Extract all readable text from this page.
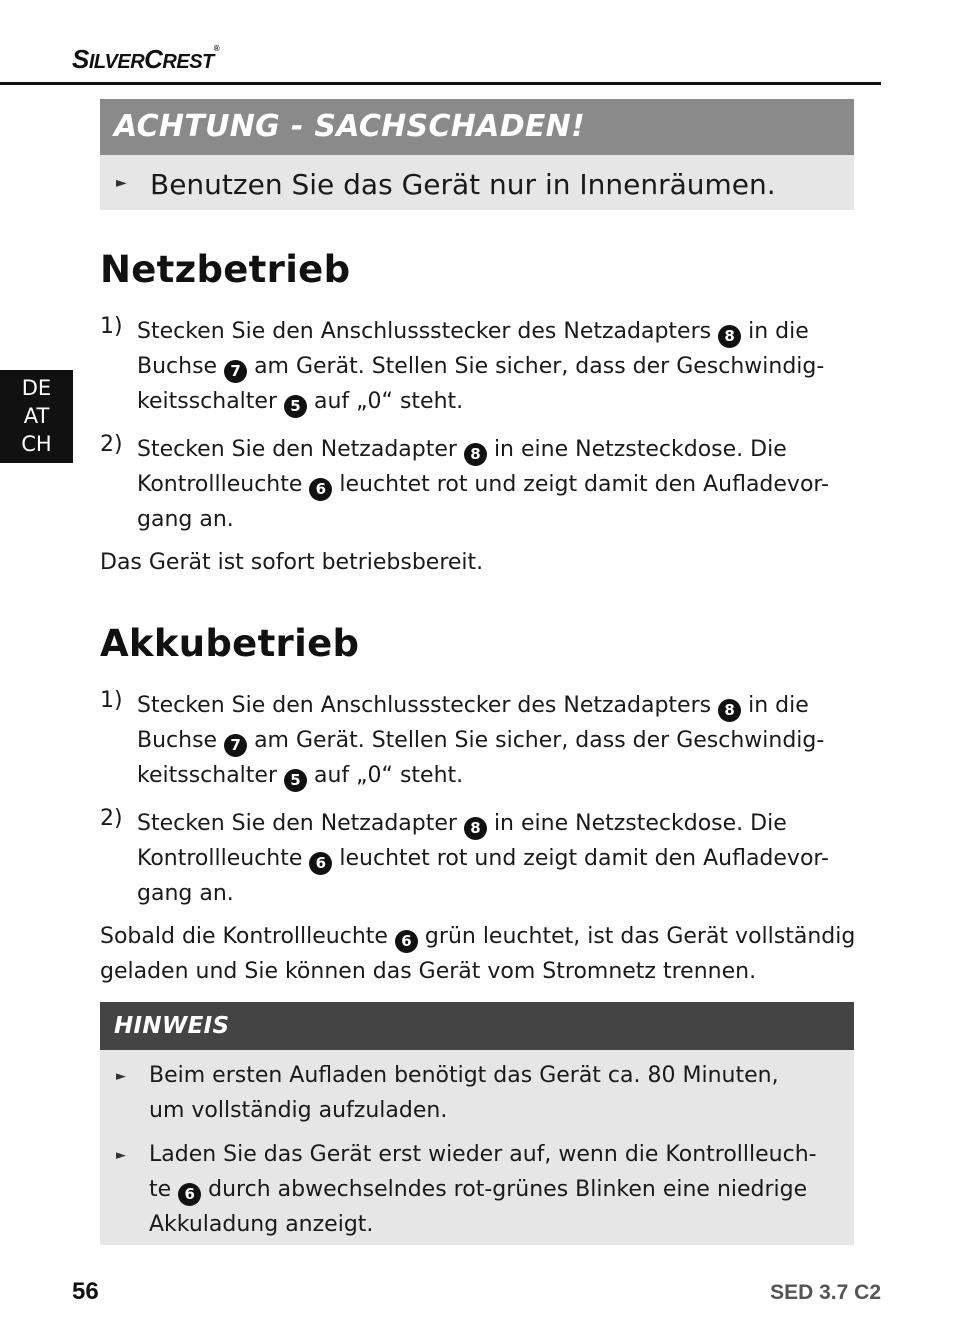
SILVERCREST®
DE
AT
CH
ACHTUNG - SACHSCHADEN!
► Benutzen Sie das Gerät nur in Innenräumen.
Netzbetrieb
1) Stecken Sie den Anschlussstecker des Netzadapters 8 in die
Buchse 7 am Gerät. Stellen Sie sicher, dass der Geschwindig-
keitsschalter 5 auf „0“ steht.
2) Stecken Sie den Netzadapter 8 in eine Netzsteckdose. Die
Kontrollleuchte 6 leuchtet rot und zeigt damit den Aufladevor-
gang an.
Das Gerät ist sofort betriebsbereit.
Akkubetrieb
1) Stecken Sie den Anschlussstecker des Netzadapters 8 in die
Buchse 7 am Gerät. Stellen Sie sicher, dass der Geschwindig-
keitsschalter 5 auf „0“ steht.
2) Stecken Sie den Netzadapter 8 in eine Netzsteckdose. Die
Kontrollleuchte 6 leuchtet rot und zeigt damit den Aufladevor-
gang an.
Sobald die Kontrollleuchte 6 grün leuchtet, ist das Gerät vollständig
geladen und Sie können das Gerät vom Stromnetz trennen.
HINWEIS
► Beim ersten Aufladen benötigt das Gerät ca. 80 Minuten,
um vollständig aufzuladen.
► Laden Sie das Gerät erst wieder auf, wenn die Kontrollleuch-
te 6 durch abwechselndes rot-grünes Blinken eine niedrige
Akkuladung anzeigt.
56	SED 3.7 C2
